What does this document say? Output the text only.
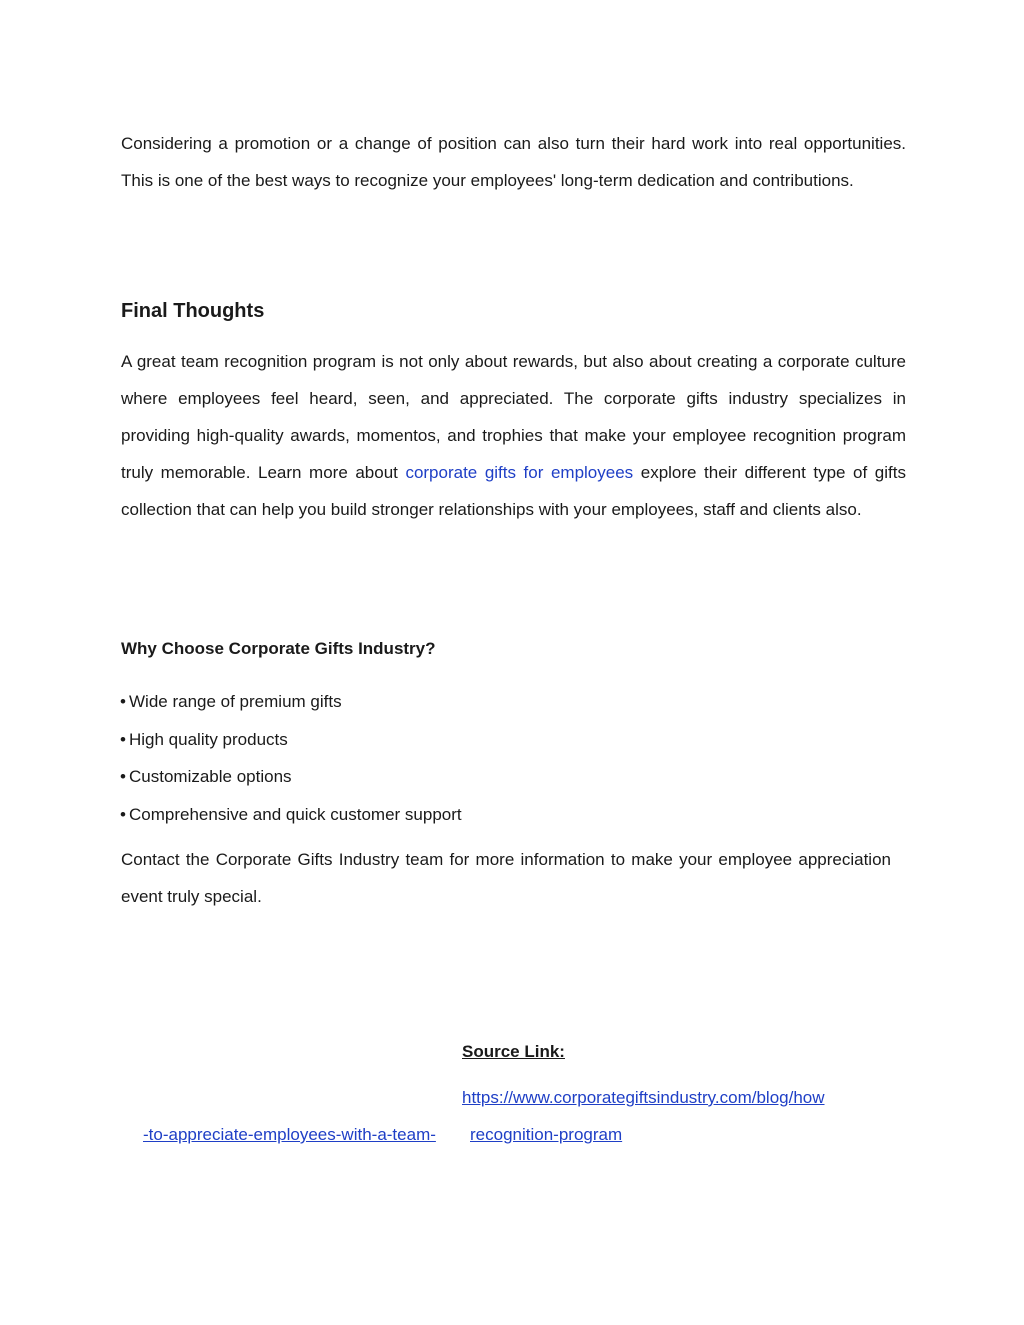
Considering a promotion or a change of position can also turn their hard work into real opportunities. This is one of the best ways to recognize your employees' long-term dedication and contributions.

Final Thoughts

A great team recognition program is not only about rewards, but also about creating a corporate culture where employees feel heard, seen, and appreciated. The corporate gifts industry specializes in providing high-quality awards, momentos, and trophies that make your employee recognition program truly memorable. Learn more about corporate gifts for employees explore their different type of gifts collection that can help you build stronger relationships with your employees, staff and clients also.

Why Choose Corporate Gifts Industry?
• Wide range of premium gifts
• High quality products
• Customizable options
• Comprehensive and quick customer support

Contact the Corporate Gifts Industry team for more information to make your employee appreciation event truly special.

Source Link:

https://www.corporategiftsindustry.com/blog/how
-to-appreciate-employees-with-a-team- recognition-program
